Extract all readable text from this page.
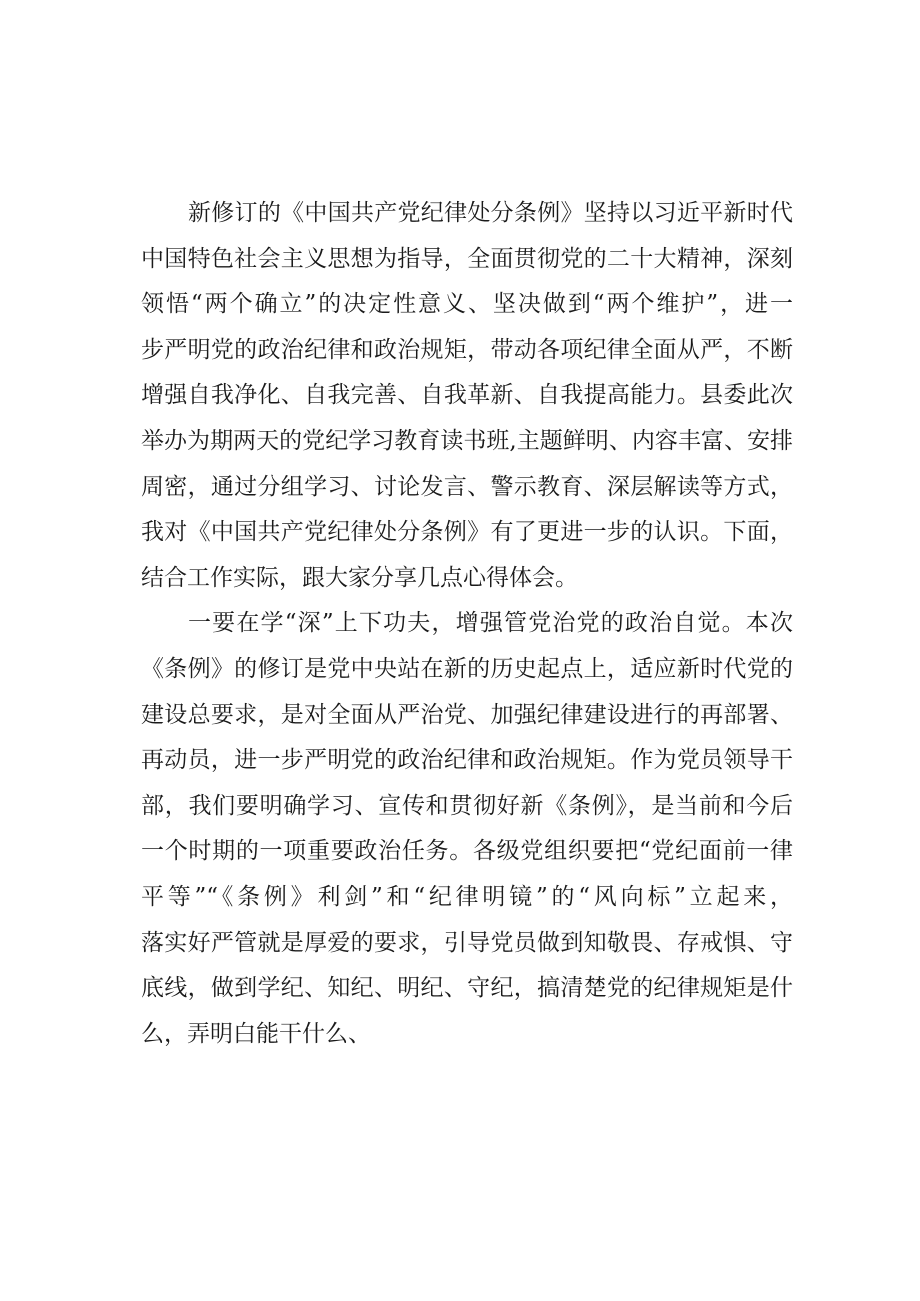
新修订的《中国共产党纪律处分条例》坚持以习近平新时代
中国特色社会主义思想为指导，全面贯彻党的二十大精神，深刻
领悟“两个确立”的决定性意义、坚决做到“两个维护”，进一
步严明党的政治纪律和政治规矩，带动各项纪律全面从严，不断
增强自我净化、自我完善、自我革新、自我提高能力。县委此次
举办为期两天的党纪学习教育读书班,主题鲜明、内容丰富、安排
周密，通过分组学习、讨论发言、警示教育、深层解读等方式，
我对《中国共产党纪律处分条例》有了更进一步的认识。下面，
结合工作实际，跟大家分享几点心得体会。
一要在学“深”上下功夫，增强管党治党的政治自觉。本次
《条例》的修订是党中央站在新的历史起点上，适应新时代党的
建设总要求，是对全面从严治党、加强纪律建设进行的再部署、
再动员，进一步严明党的政治纪律和政治规矩。作为党员领导干
部，我们要明确学习、宣传和贯彻好新《条例》，是当前和今后
一个时期的一项重要政治任务。各级党组织要把“党纪面前一律
平等”“《条例》利剑”和“纪律明镜”的“风向标”立起来，
落实好严管就是厚爱的要求，引导党员做到知敬畏、存戒惧、守
底线，做到学纪、知纪、明纪、守纪，搞清楚党的纪律规矩是什
么，弄明白能干什么、
